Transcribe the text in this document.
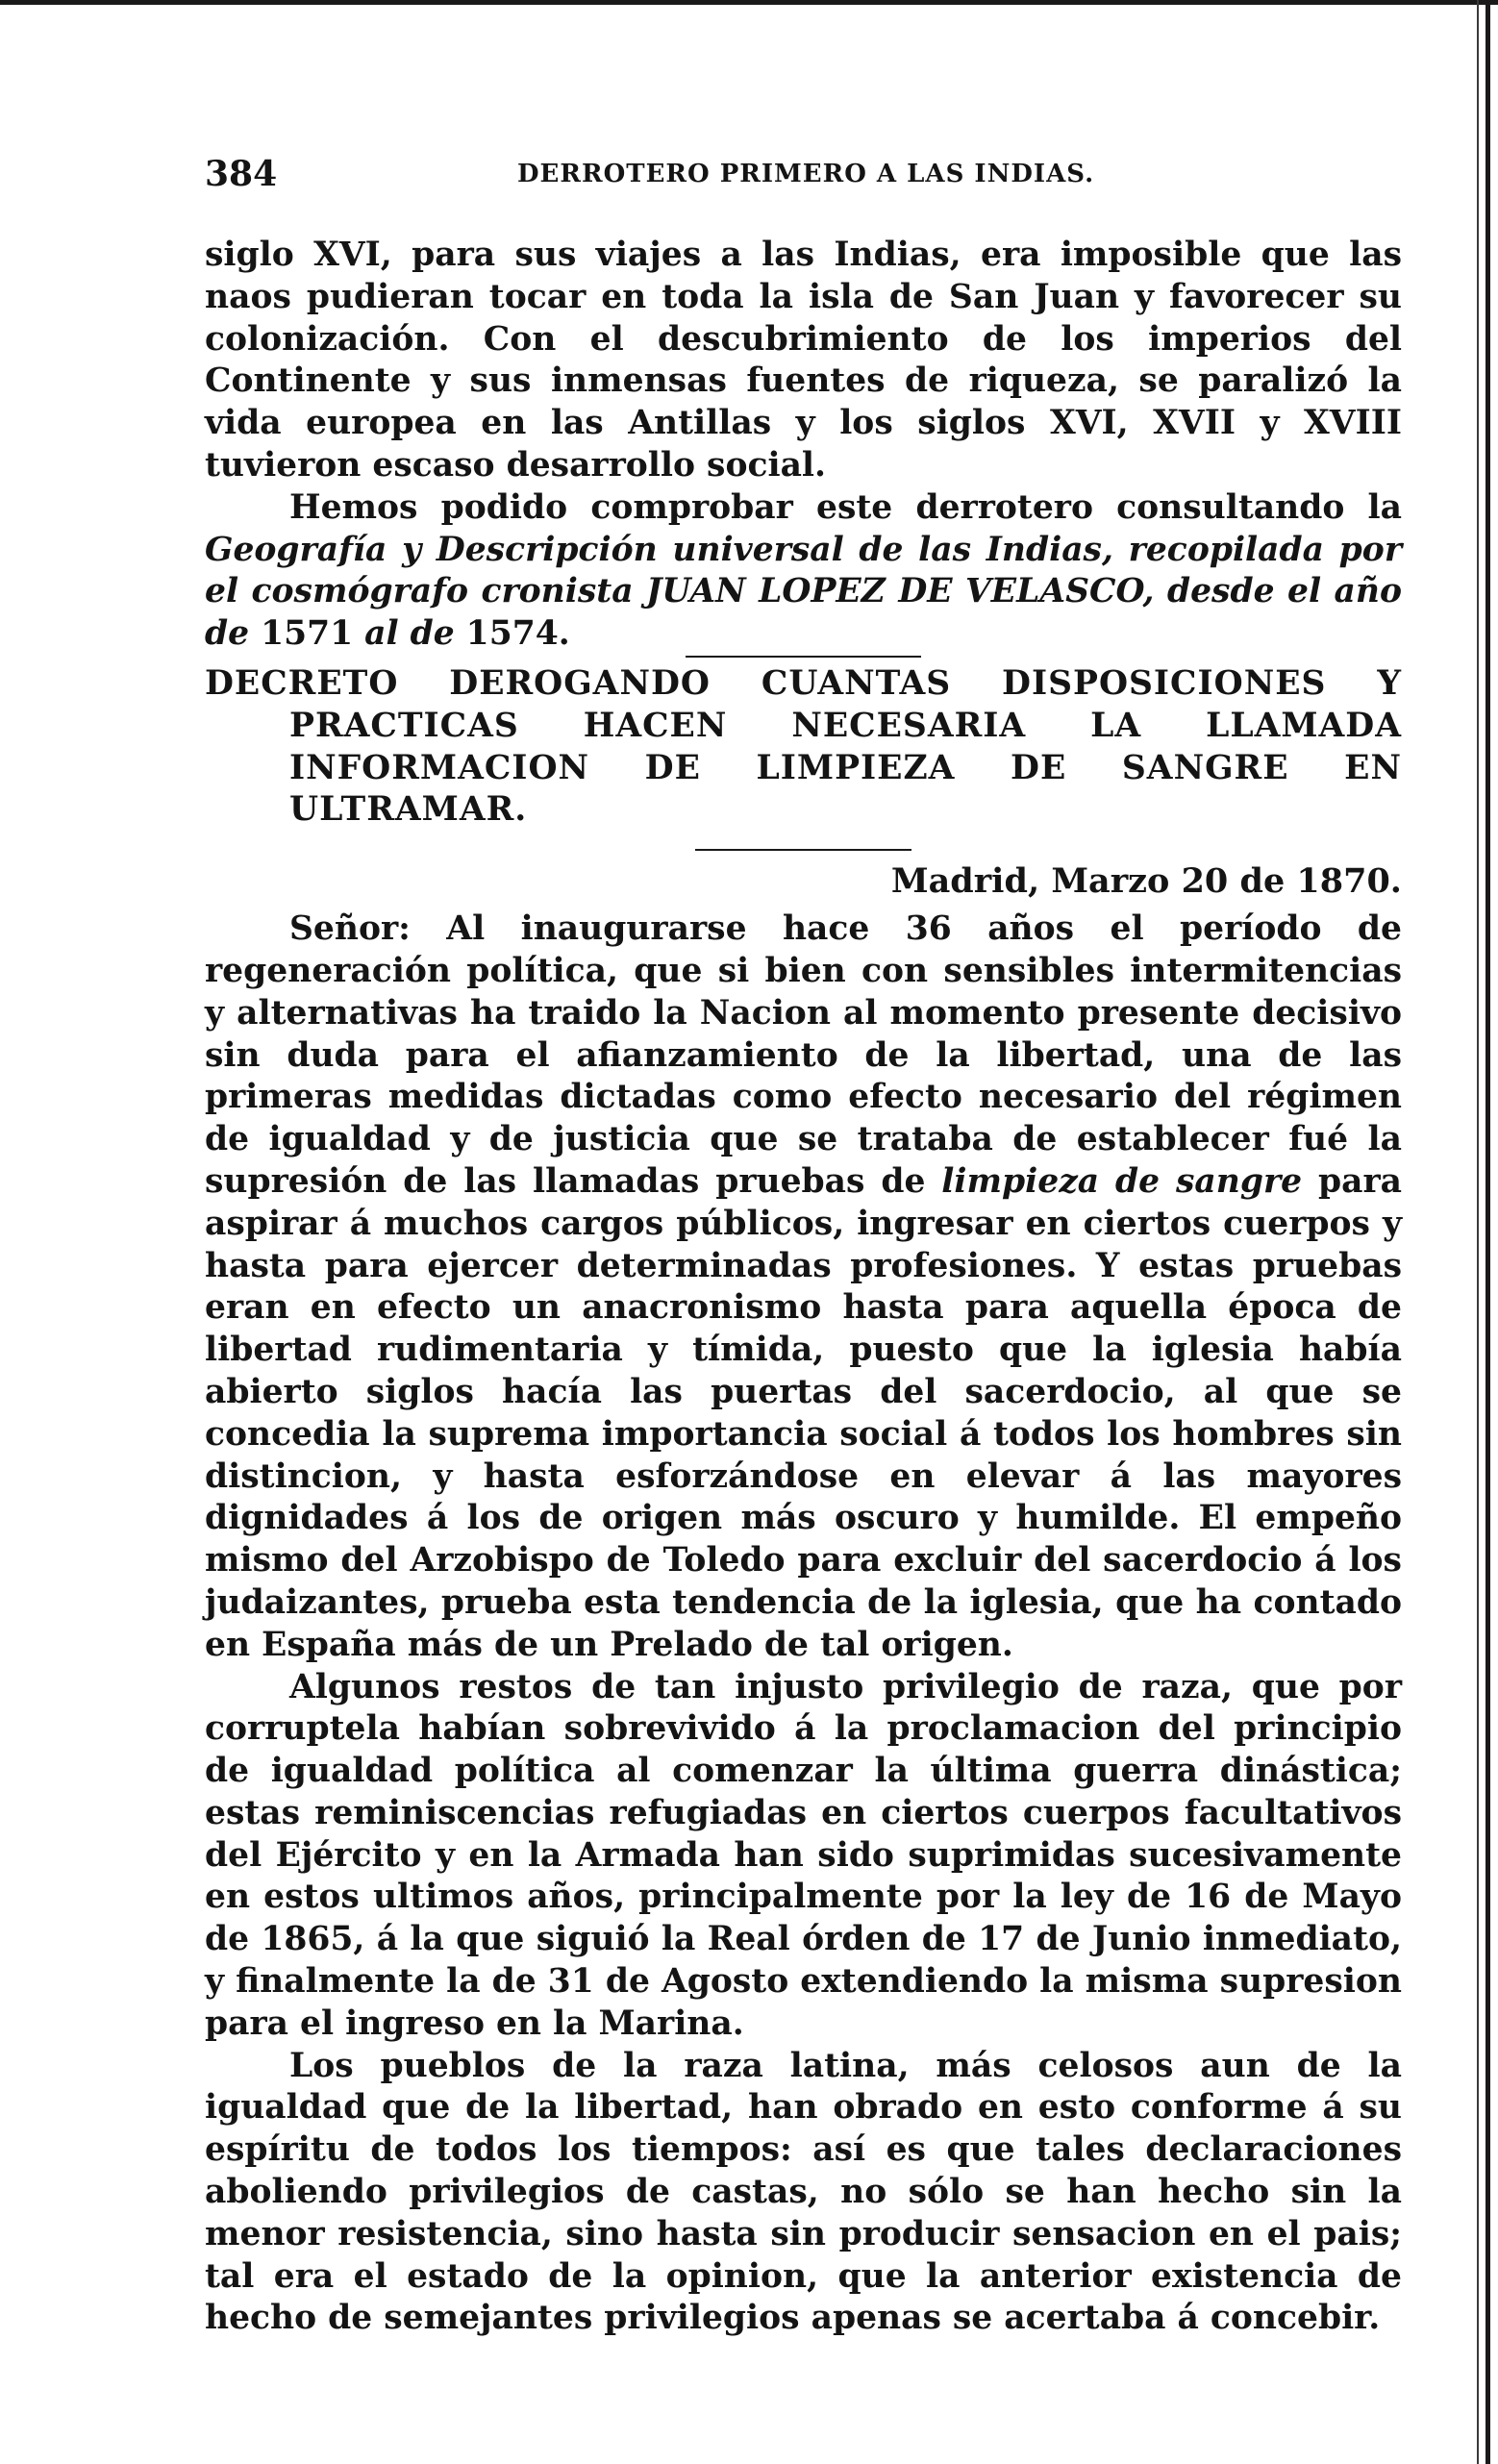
384	DERROTERO PRIMERO A LAS INDIAS.

siglo XVI, para sus viajes a las Indias, era imposible que las naos pudieran tocar en toda la isla de San Juan y favorecer su colonización. Con el descubrimiento de los imperios del Continente y sus inmensas fuentes de riqueza, se paralizó la vida europea en las Antillas y los siglos XVI, XVII y XVIII tuvieron escaso desarrollo social.

Hemos podido comprobar este derrotero consultando la Geografía y Descripción universal de las Indias, recopilada por el cosmógrafo cronista JUAN LOPEZ DE VELASCO, desde el año de 1571 al de 1574.

DECRETO DEROGANDO CUANTAS DISPOSICIONES Y PRACTICAS HACEN NECESARIA LA LLAMADA INFORMACION DE LIMPIEZA DE SANGRE EN ULTRAMAR.

Madrid, Marzo 20 de 1870.

Señor: Al inaugurarse hace 36 años el período de regeneración política, que si bien con sensibles intermitencias y alternativas ha traido la Nacion al momento presente decisivo sin duda para el afianzamiento de la libertad, una de las primeras medidas dictadas como efecto necesario del régimen de igualdad y de justicia que se trataba de establecer fué la supresión de las llamadas pruebas de limpieza de sangre para aspirar á muchos cargos públicos, ingresar en ciertos cuerpos y hasta para ejercer determinadas profesiones. Y estas pruebas eran en efecto un anacronismo hasta para aquella época de libertad rudimentaria y tímida, puesto que la iglesia había abierto siglos hacía las puertas del sacerdocio, al que se concedia la suprema importancia social á todos los hombres sin distincion, y hasta esforzándose en elevar á las mayores dignidades á los de origen más oscuro y humilde. El empeño mismo del Arzobispo de Toledo para excluir del sacerdocio á los judaizantes, prueba esta tendencia de la iglesia, que ha contado en España más de un Prelado de tal origen.

Algunos restos de tan injusto privilegio de raza, que por corruptela habían sobrevivido á la proclamacion del principio de igualdad política al comenzar la última guerra dinástica; estas reminiscencias refugiadas en ciertos cuerpos facultativos del Ejército y en la Armada han sido suprimidas sucesivamente en estos ultimos años, principalmente por la ley de 16 de Mayo de 1865, á la que siguió la Real órden de 17 de Junio inmediato, y finalmente la de 31 de Agosto extendiendo la misma supresion para el ingreso en la Marina.

Los pueblos de la raza latina, más celosos aun de la igualdad que de la libertad, han obrado en esto conforme á su espíritu de todos los tiempos: así es que tales declaraciones aboliendo privilegios de castas, no sólo se han hecho sin la menor resistencia, sino hasta sin producir sensacion en el pais; tal era el estado de la opinion, que la anterior existencia de hecho de semejantes privilegios apenas se acertaba á concebir.
